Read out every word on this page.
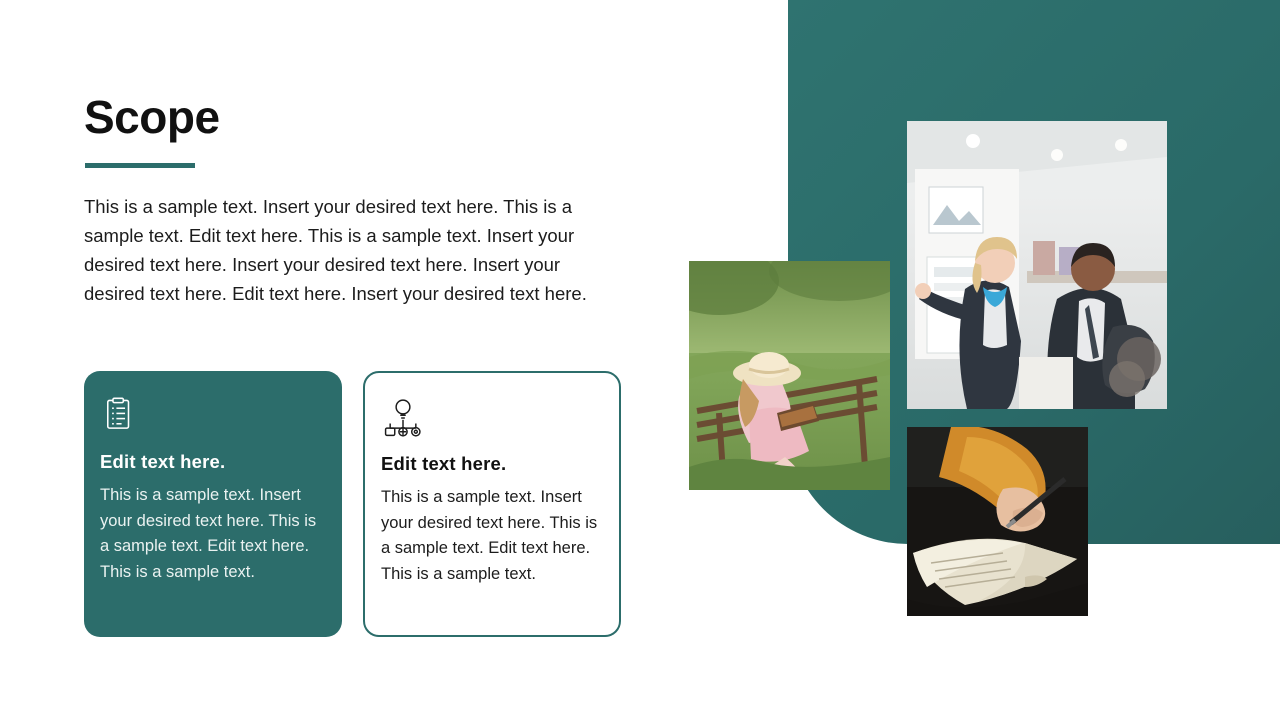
Scope
This is a sample text. Insert your desired text here. This is a sample text. Edit text here. This is a sample text. Insert your desired text here. Insert your desired text here. Insert your desired text here. Edit text here. Insert your desired text here.
Edit text here.
This is a sample text. Insert your desired text here. This is a sample text. Edit text here. This is a sample text.
Edit text here.
This is a sample text. Insert your desired text here. This is a sample text. Edit text here. This is a sample text.
